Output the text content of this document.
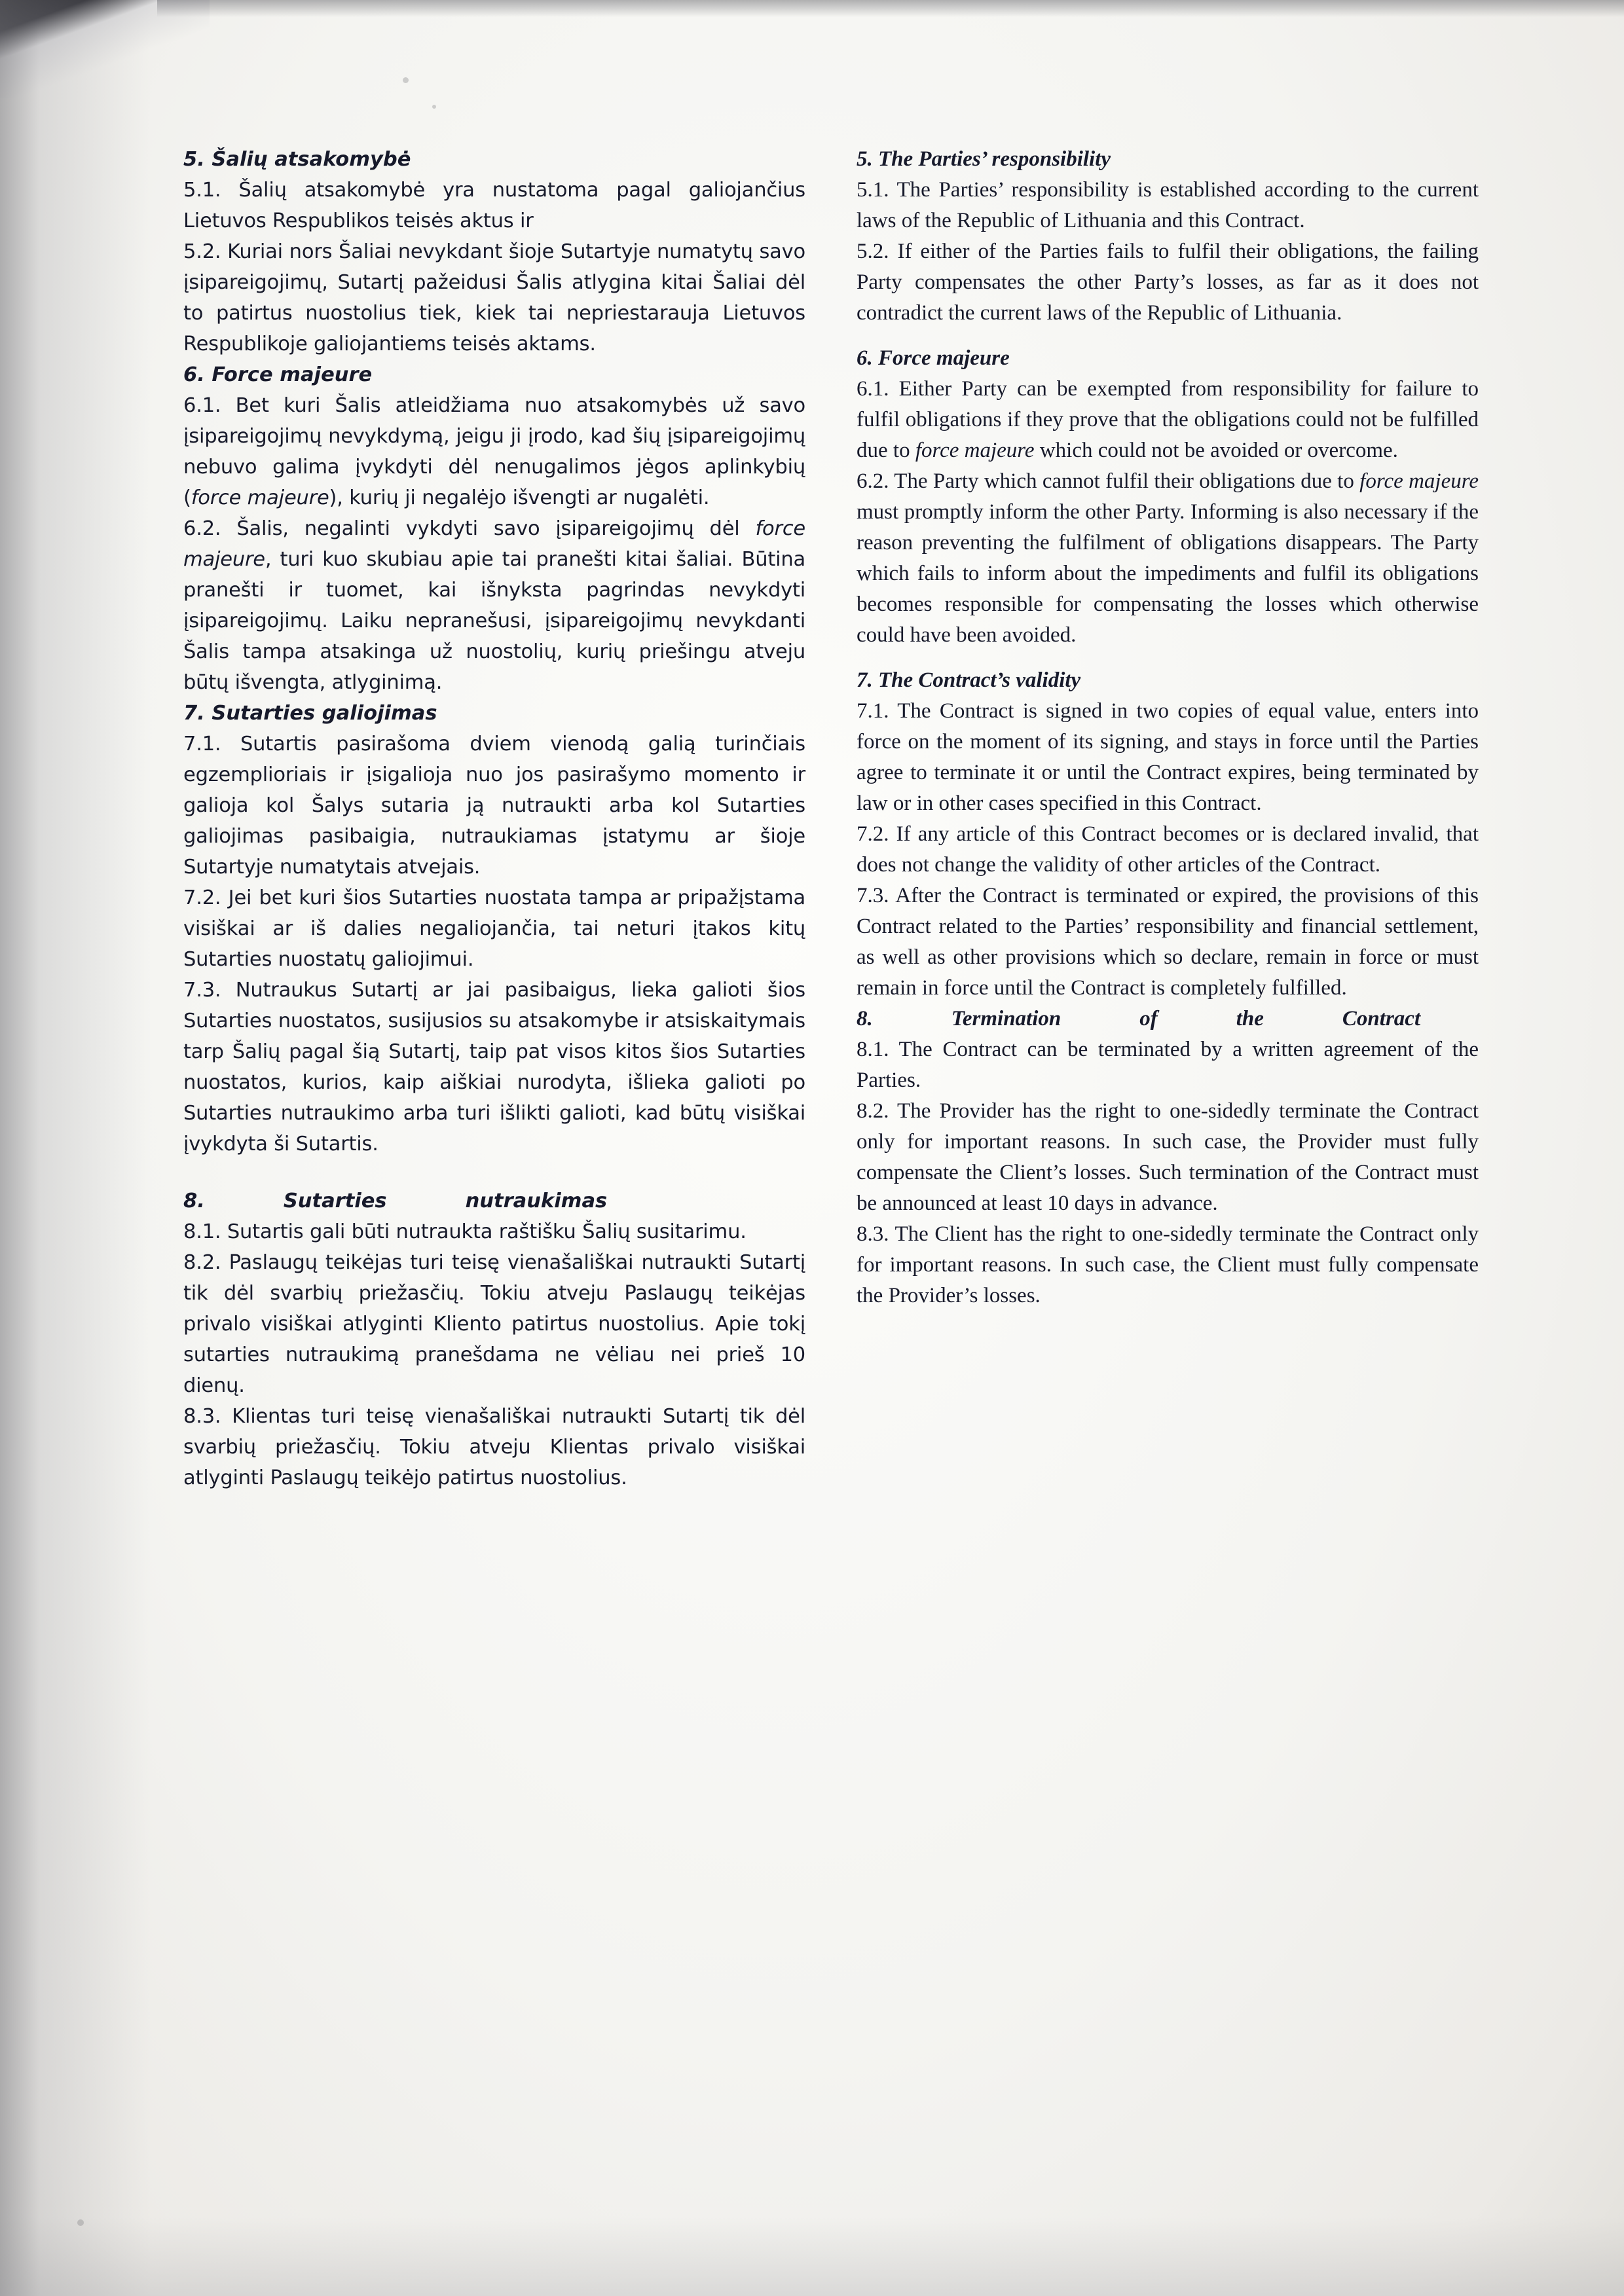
5. Šalių atsakomybė

5.1. Šalių atsakomybė yra nustatoma pagal galiojančius Lietuvos Respublikos teisės aktus ir

5.2. Kuriai nors Šaliai nevykdant šioje Sutartyje numatytų savo įsipareigojimų, Sutartį pažeidusi Šalis atlygina kitai Šaliai dėl to patirtus nuostolius tiek, kiek tai nepriestarauja Lietuvos Respublikoje galiojantiems teisės aktams.

6. Force majeure

6.1. Bet kuri Šalis atleidžiama nuo atsakomybės už savo įsipareigojimų nevykdymą, jeigu ji įrodo, kad šių įsipareigojimų nebuvo galima įvykdyti dėl nenugalimos jėgos aplinkybių (force majeure), kurių ji negalėjo išvengti ar nugalėti.

6.2. Šalis, negalinti vykdyti savo įsipareigojimų dėl force majeure, turi kuo skubiau apie tai pranešti kitai šaliai. Būtina pranešti ir tuomet, kai išnyksta pagrindas nevykdyti įsipareigojimų. Laiku nepranešusi, įsipareigojimų nevykdanti Šalis tampa atsakinga už nuostolių, kurių priešingu atveju būtų išvengta, atlyginimą.

7. Sutarties galiojimas

7.1. Sutartis pasirašoma dviem vienodą galią turinčiais egzemplioriais ir įsigalioja nuo jos pasirašymo momento ir galioja kol Šalys sutaria ją nutraukti arba kol Sutarties galiojimas pasibaigia, nutraukiamas įstatymu ar šioje Sutartyje numatytais atvejais.

7.2. Jei bet kuri šios Sutarties nuostata tampa ar pripažįstama visiškai ar iš dalies negaliojančia, tai neturi įtakos kitų Sutarties nuostatų galiojimui.

7.3. Nutraukus Sutartį ar jai pasibaigus, lieka galioti šios Sutarties nuostatos, susijusios su atsakomybe ir atsiskaitymais tarp Šalių pagal šią Sutartį, taip pat visos kitos šios Sutarties nuostatos, kurios, kaip aiškiai nurodyta, išlieka galioti po Sutarties nutraukimo arba turi išlikti galioti, kad būtų visiškai įvykdyta ši Sutartis.

8.	Sutarties	nutraukimas

8.1. Sutartis gali būti nutraukta raštišku Šalių susitarimu.

8.2. Paslaugų teikėjas turi teisę vienašališkai nutraukti Sutartį tik dėl svarbių priežasčių. Tokiu atveju Paslaugų teikėjas privalo visiškai atlyginti Kliento patirtus nuostolius. Apie tokį sutarties nutraukimą pranešdama ne vėliau nei prieš 10 dienų.

8.3. Klientas turi teisę vienašališkai nutraukti Sutartį tik dėl svarbių priežasčių. Tokiu atveju Klientas privalo visiškai atlyginti Paslaugų teikėjo patirtus nuostolius.

5. The Parties’ responsibility

5.1. The Parties’ responsibility is established according to the current laws of the Republic of Lithuania and this Contract.

5.2. If either of the Parties fails to fulfil their obligations, the failing Party compensates the other Party’s losses, as far as it does not contradict the current laws of the Republic of Lithuania.

6. Force majeure

6.1. Either Party can be exempted from responsibility for failure to fulfil obligations if they prove that the obligations could not be fulfilled due to force majeure which could not be avoided or overcome.

6.2. The Party which cannot fulfil their obligations due to force majeure must promptly inform the other Party. Informing is also necessary if the reason preventing the fulfilment of obligations disappears. The Party which fails to inform about the impediments and fulfil its obligations becomes responsible for compensating the losses which otherwise could have been avoided.

7. The Contract’s validity

7.1. The Contract is signed in two copies of equal value, enters into force on the moment of its signing, and stays in force until the Parties agree to terminate it or until the Contract expires, being terminated by law or in other cases specified in this Contract.

7.2. If any article of this Contract becomes or is declared invalid, that does not change the validity of other articles of the Contract.

7.3. After the Contract is terminated or expired, the provisions of this Contract related to the Parties’ responsibility and financial settlement, as well as other provisions which so declare, remain in force or must remain in force until the Contract is completely fulfilled.

8.	Termination	of	the	Contract

8.1. The Contract can be terminated by a written agreement of the Parties.

8.2. The Provider has the right to one-sidedly terminate the Contract only for important reasons. In such case, the Provider must fully compensate the Client’s losses. Such termination of the Contract must be announced at least 10 days in advance.

8.3. The Client has the right to one-sidedly terminate the Contract only for important reasons. In such case, the Client must fully compensate the Provider’s losses.
